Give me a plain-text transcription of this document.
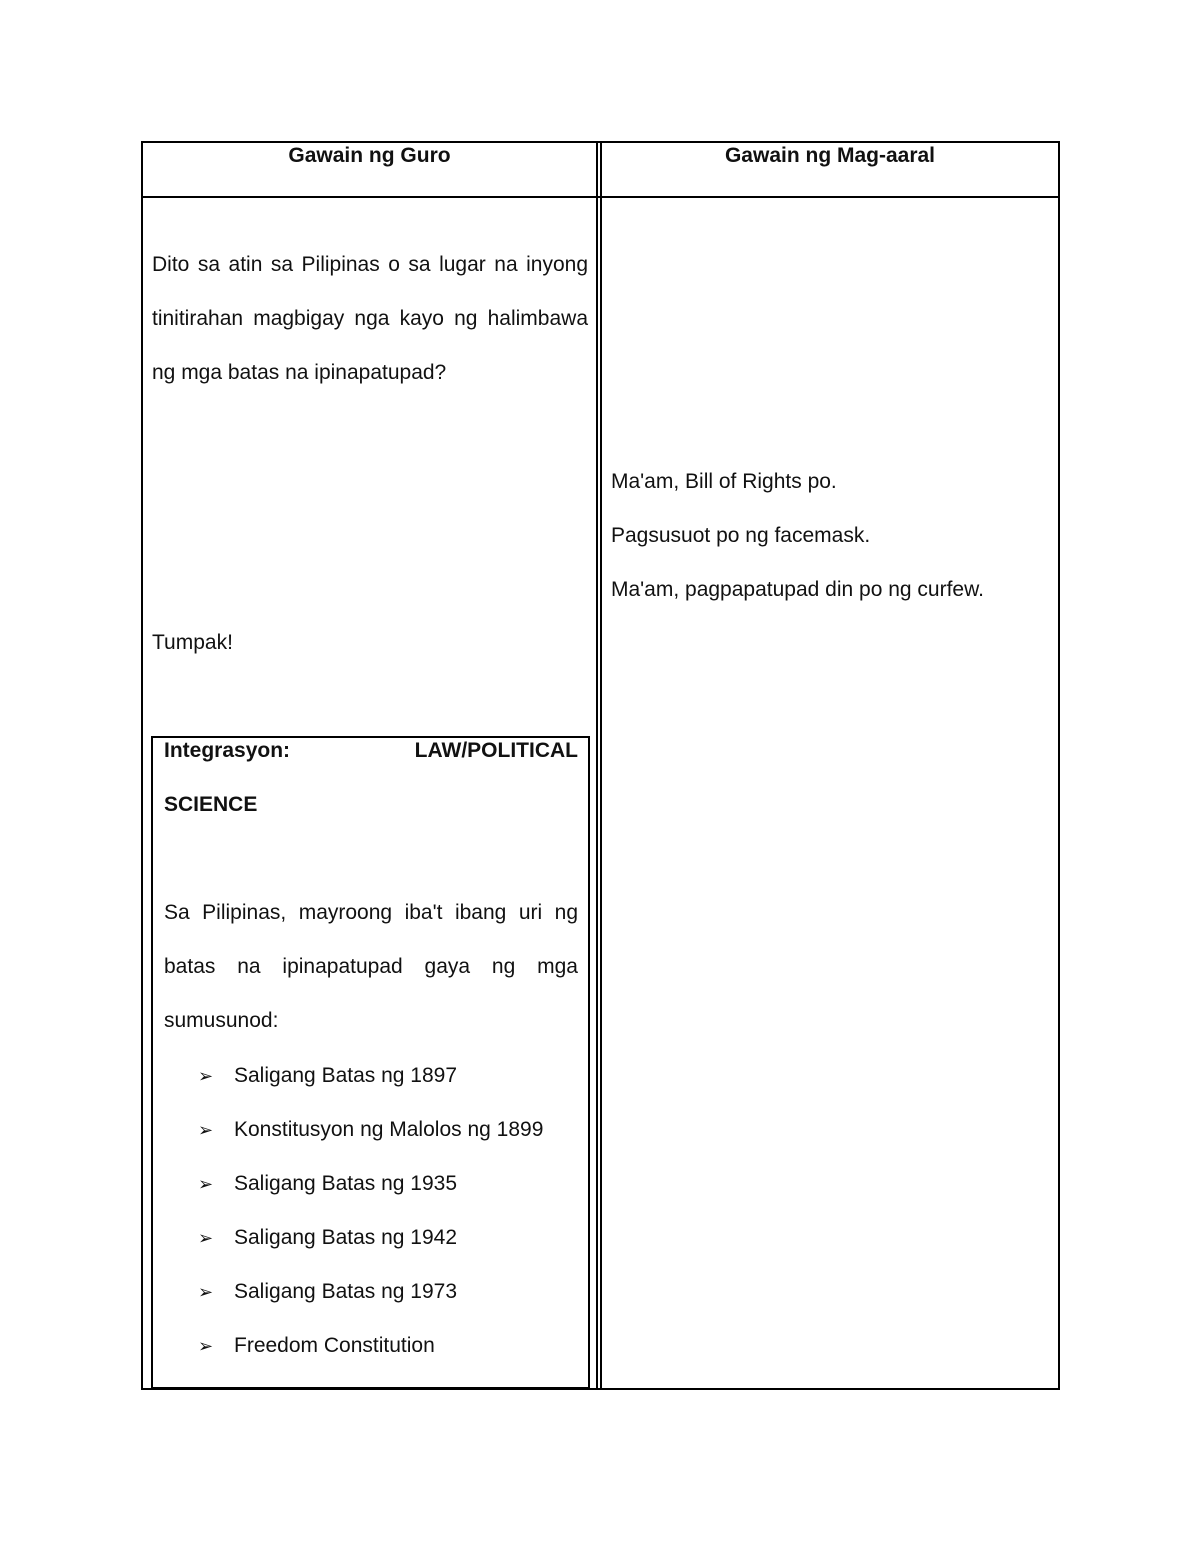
Gawain ng Guro	Gawain ng Mag-aaral

Dito sa atin sa Pilipinas o sa lugar na inyong tinitirahan magbigay nga kayo ng halimbawa ng mga batas na ipinapatupad?

Tumpak!

Ma'am, Bill of Rights po.

Pagsusuot po ng facemask.

Ma'am, pagpapatupad din po ng curfew.

Integrasyon:	LAW/POLITICAL
SCIENCE

Sa Pilipinas, mayroong iba't ibang uri ng batas na ipinapatupad gaya ng mga sumusunod:

➢ Saligang Batas ng 1897
➢ Konstitusyon ng Malolos ng 1899
➢ Saligang Batas ng 1935
➢ Saligang Batas ng 1942
➢ Saligang Batas ng 1973
➢ Freedom Constitution
